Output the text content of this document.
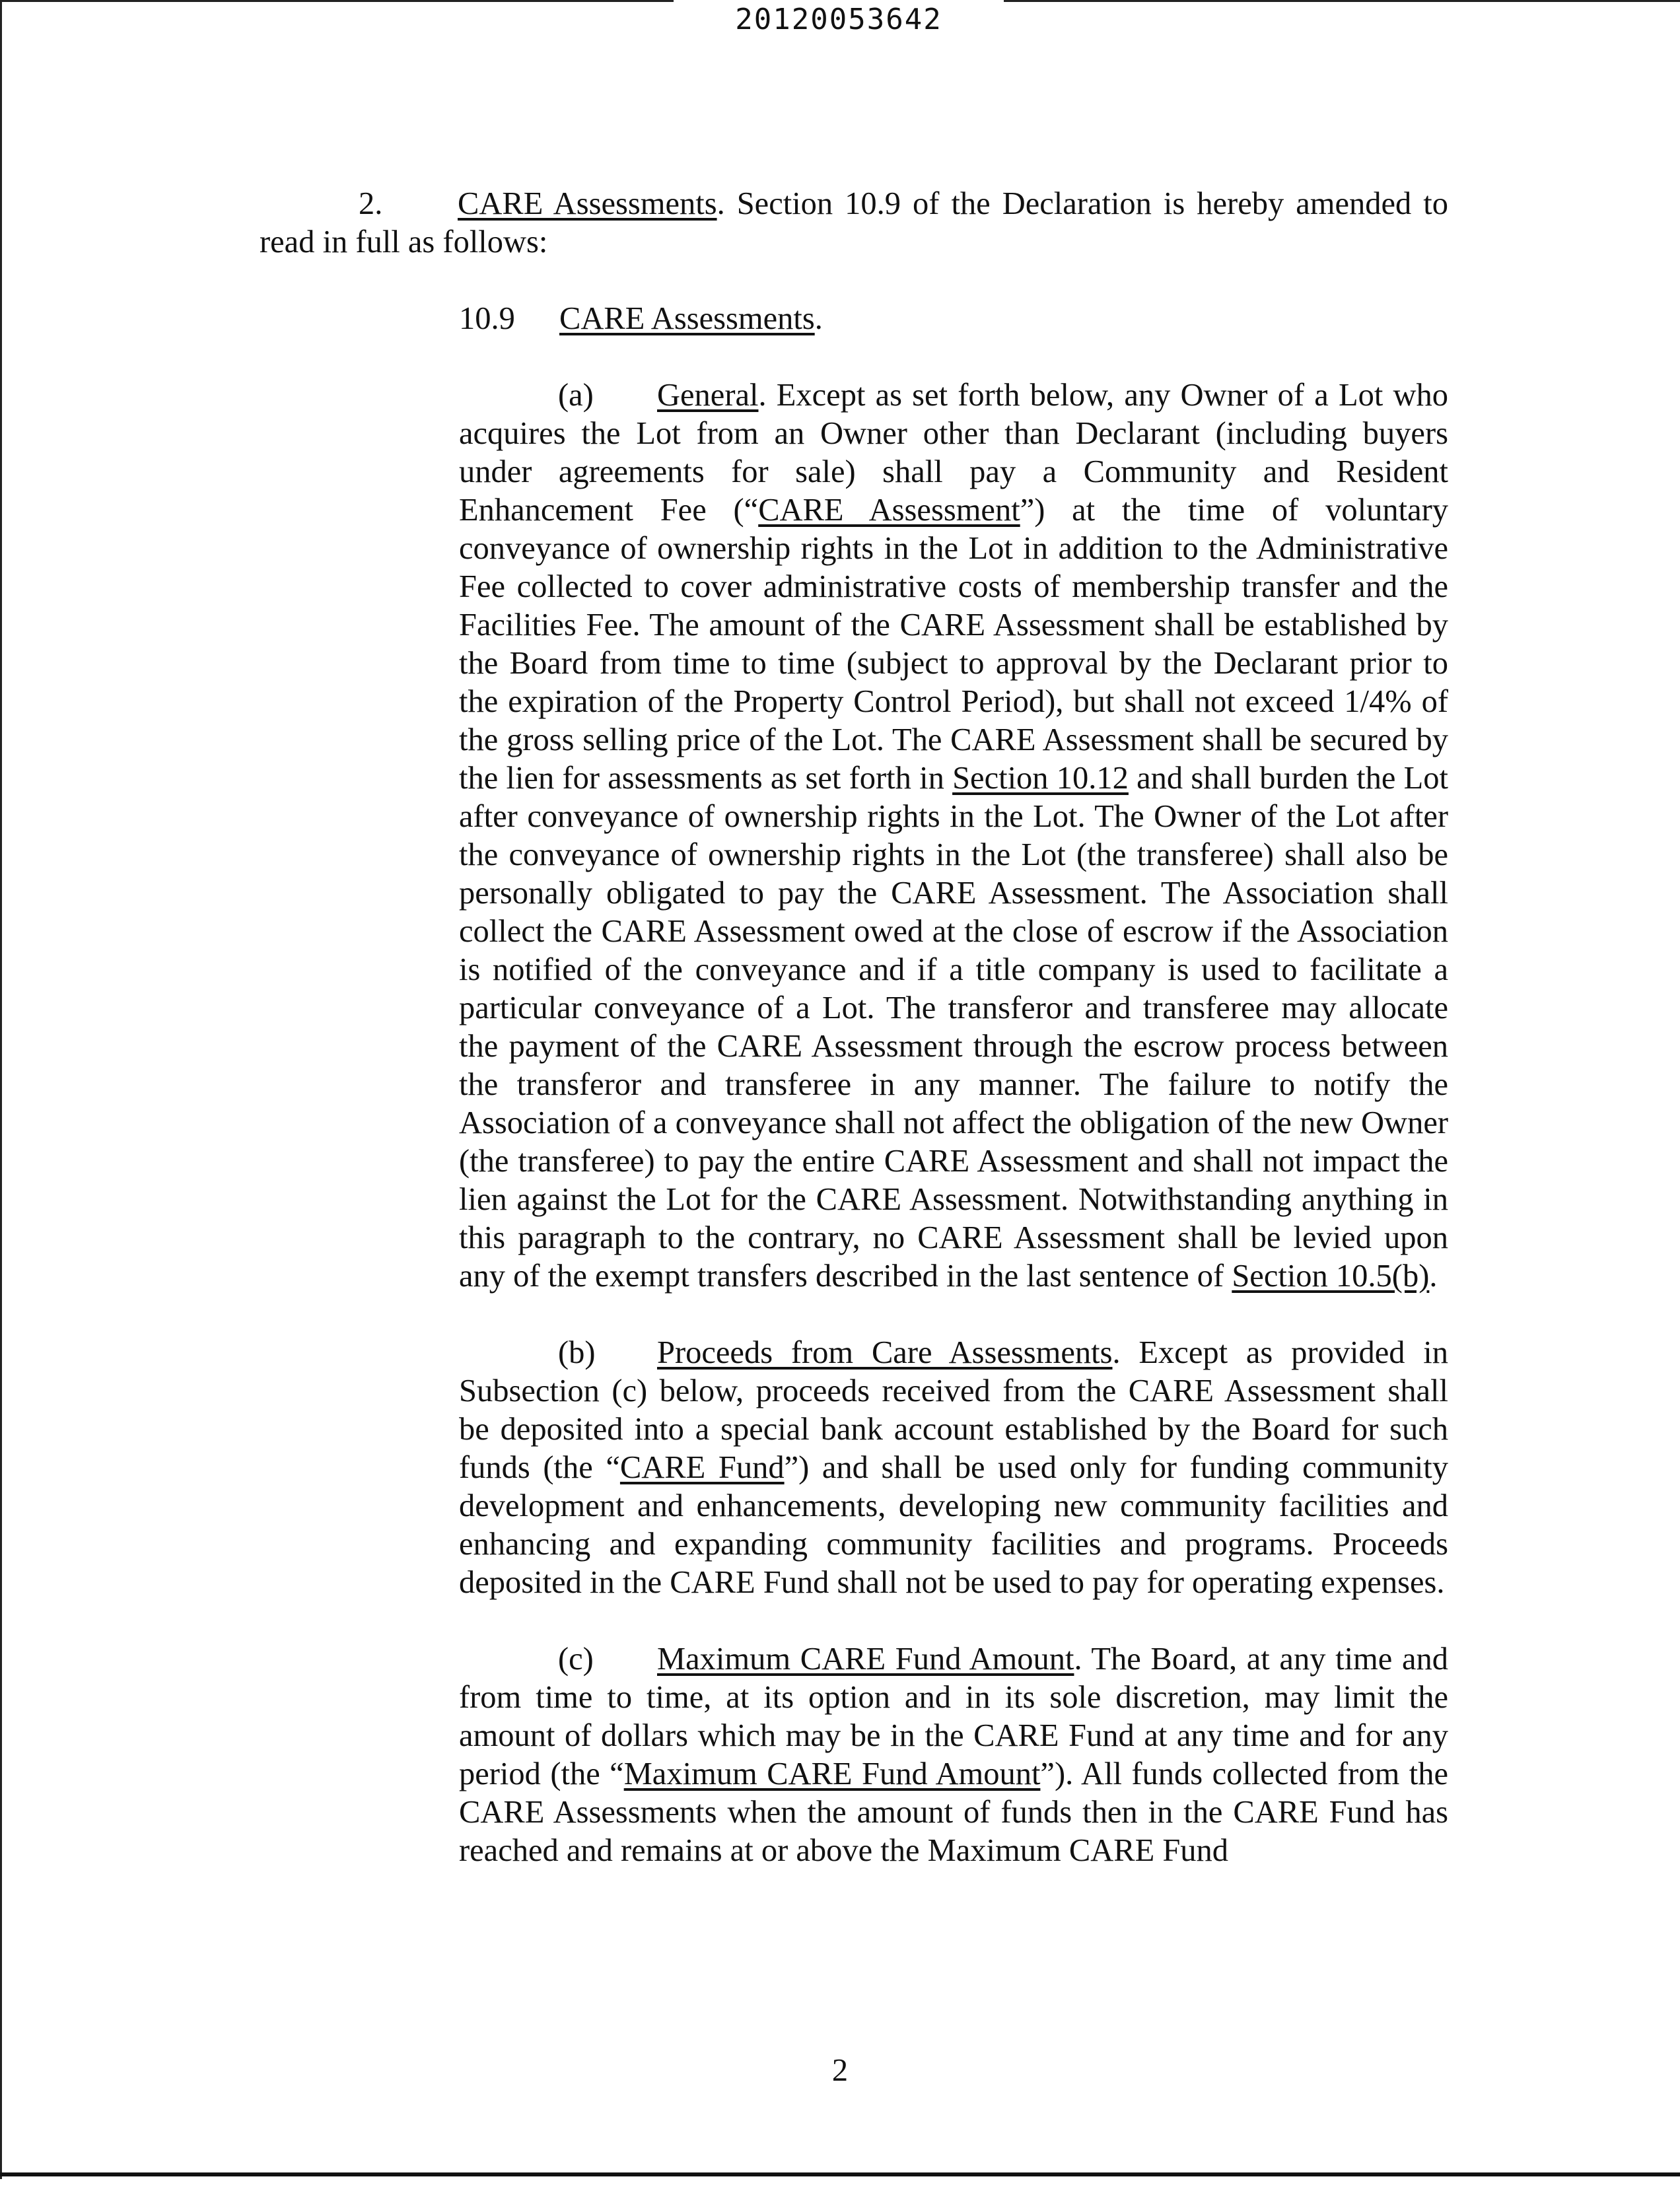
20120053642

2. CARE Assessments. Section 10.9 of the Declaration is hereby amended to read in full as follows:

10.9 CARE Assessments.

(a) General. Except as set forth below, any Owner of a Lot who acquires the Lot from an Owner other than Declarant (including buyers under agreements for sale) shall pay a Community and Resident Enhancement Fee (“CARE Assessment”) at the time of voluntary conveyance of ownership rights in the Lot in addition to the Administrative Fee collected to cover administrative costs of membership transfer and the Facilities Fee. The amount of the CARE Assessment shall be established by the Board from time to time (subject to approval by the Declarant prior to the expiration of the Property Control Period), but shall not exceed 1/4% of the gross selling price of the Lot. The CARE Assessment shall be secured by the lien for assessments as set forth in Section 10.12 and shall burden the Lot after conveyance of ownership rights in the Lot. The Owner of the Lot after the conveyance of ownership rights in the Lot (the transferee) shall also be personally obligated to pay the CARE Assessment. The Association shall collect the CARE Assessment owed at the close of escrow if the Association is notified of the conveyance and if a title company is used to facilitate a particular conveyance of a Lot. The transferor and transferee may allocate the payment of the CARE Assessment through the escrow process between the transferor and transferee in any manner. The failure to notify the Association of a conveyance shall not affect the obligation of the new Owner (the transferee) to pay the entire CARE Assessment and shall not impact the lien against the Lot for the CARE Assessment. Notwithstanding anything in this paragraph to the contrary, no CARE Assessment shall be levied upon any of the exempt transfers described in the last sentence of Section 10.5(b).

(b) Proceeds from Care Assessments. Except as provided in Subsection (c) below, proceeds received from the CARE Assessment shall be deposited into a special bank account established by the Board for such funds (the “CARE Fund”) and shall be used only for funding community development and enhancements, developing new community facilities and enhancing and expanding community facilities and programs. Proceeds deposited in the CARE Fund shall not be used to pay for operating expenses.

(c) Maximum CARE Fund Amount. The Board, at any time and from time to time, at its option and in its sole discretion, may limit the amount of dollars which may be in the CARE Fund at any time and for any period (the “Maximum CARE Fund Amount”). All funds collected from the CARE Assessments when the amount of funds then in the CARE Fund has reached and remains at or above the Maximum CARE Fund

2
